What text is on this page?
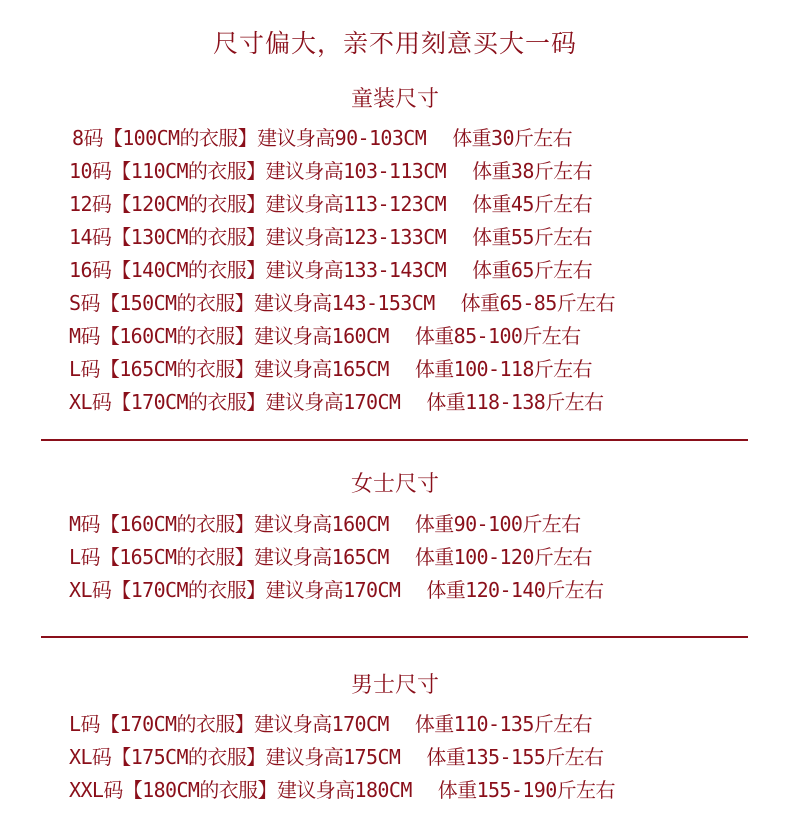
尺寸偏大，亲不用刻意买大一码
童装尺寸
8码【100CM的衣服】建议身高90-103CM 体重30斤左右
10码【110CM的衣服】建议身高103-113CM 体重38斤左右
12码【120CM的衣服】建议身高113-123CM 体重45斤左右
14码【130CM的衣服】建议身高123-133CM 体重55斤左右
16码【140CM的衣服】建议身高133-143CM 体重65斤左右
S码【150CM的衣服】建议身高143-153CM 体重65-85斤左右
M码【160CM的衣服】建议身高160CM 体重85-100斤左右
L码【165CM的衣服】建议身高165CM 体重100-118斤左右
XL码【170CM的衣服】建议身高170CM 体重118-138斤左右
女士尺寸
M码【160CM的衣服】建议身高160CM 体重90-100斤左右
L码【165CM的衣服】建议身高165CM 体重100-120斤左右
XL码【170CM的衣服】建议身高170CM 体重120-140斤左右
男士尺寸
L码【170CM的衣服】建议身高170CM 体重110-135斤左右
XL码【175CM的衣服】建议身高175CM 体重135-155斤左右
XXL码【180CM的衣服】建议身高180CM 体重155-190斤左右
